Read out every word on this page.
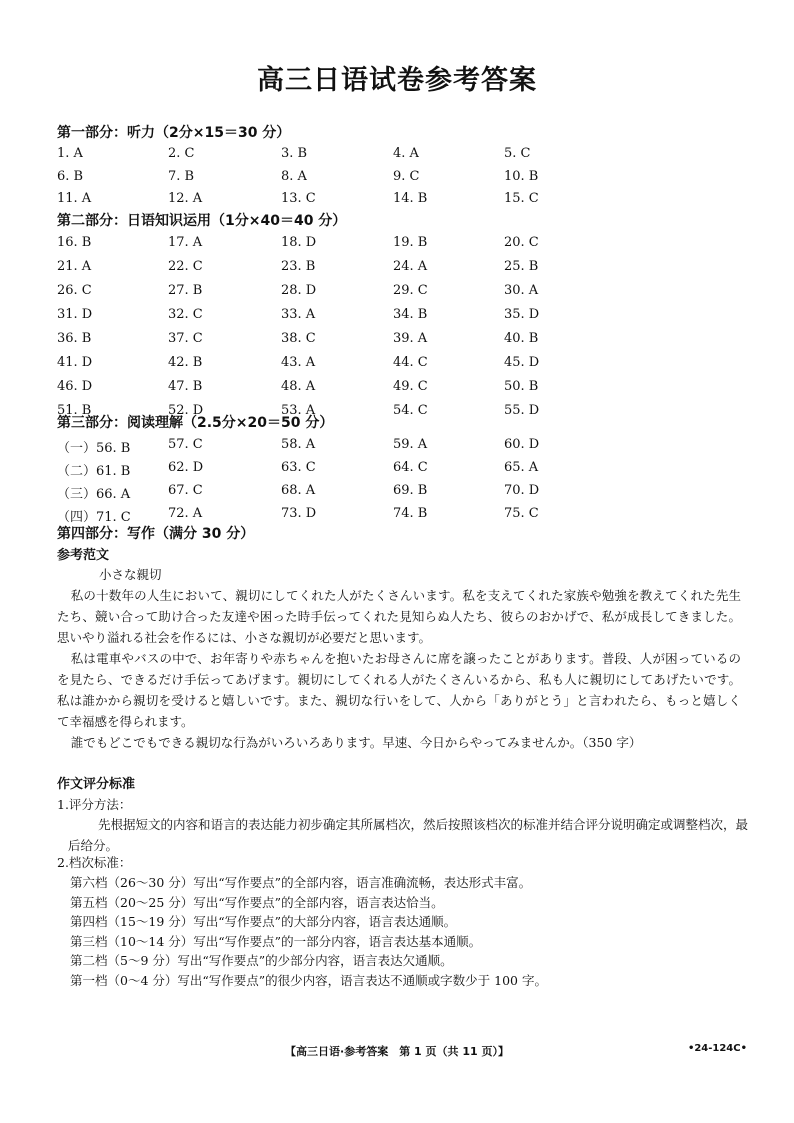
高三日语试卷参考答案
第一部分：听力（2分×15＝30 分）
1. A	2. C	3. B	4. A	5. C
6. B	7. B	8. A	9. C	10. B
11. A	12. A	13. C	14. B	15. C
第二部分：日语知识运用（1分×40＝40 分）
16. B	17. A	18. D	19. B	20. C
21. A	22. C	23. B	24. A	25. B
26. C	27. B	28. D	29. C	30. A
31. D	32. C	33. A	34. B	35. D
36. B	37. C	38. C	39. A	40. B
41. D	42. B	43. A	44. C	45. D
46. D	47. B	48. A	49. C	50. B
51. B	52. D	53. A	54. C	55. D
第三部分：阅读理解（2.5分×20＝50 分）
（一）56. B	57. C	58. A	59. A	60. D
（二）61. B	62. D	63. C	64. C	65. A
（三）66. A	67. C	68. A	69. B	70. D
（四）71. C	72. A	73. D	74. B	75. C
第四部分：写作（满分 30 分）
参考范文
小さな親切

私の十数年の人生において、親切にしてくれた人がたくさんいます。私を支えてくれた家族や勉強を教えてくれた先生たち、競い合って助け合った友達や困った時手伝ってくれた見知らぬ人たち、彼らのおかげで、私が成長してきました。思いやり溢れる社会を作るには、小さな親切が必要だと思います。

私は電車やバスの中で、お年寄りや赤ちゃんを抱いたお母さんに席を譲ったことがあります。普段、人が困っているのを見たら、できるだけ手伝ってあげます。親切にしてくれる人がたくさんいるから、私も人に親切にしてあげたいです。私は誰かから親切を受けると嬉しいです。また、親切な行いをして、人から「ありがとう」と言われたら、もっと嬉しくて幸福感を得られます。

誰でもどこでもできる親切な行為がいろいろあります。早速、今日からやってみませんか。（350 字）

作文评分标准
1.评分方法：

先根据短文的内容和语言的表达能力初步确定其所属档次，然后按照该档次的标准并结合评分说明确定或调整档次，最后给分。

2.档次标准：
第六档（26～30 分）写出“写作要点”的全部内容，语言准确流畅，表达形式丰富。
第五档（20～25 分）写出“写作要点”的全部内容，语言表达恰当。
第四档（15～19 分）写出“写作要点”的大部分内容，语言表达通顺。
第三档（10～14 分）写出“写作要点”的一部分内容，语言表达基本通顺。
第二档（5～9 分）写出“写作要点”的少部分内容，语言表达欠通顺。
第一档（0～4 分）写出“写作要点”的很少内容，语言表达不通顺或字数少于 100 字。
【高三日语·参考答案　第 1 页（共 11 页）】	•24-124C•
